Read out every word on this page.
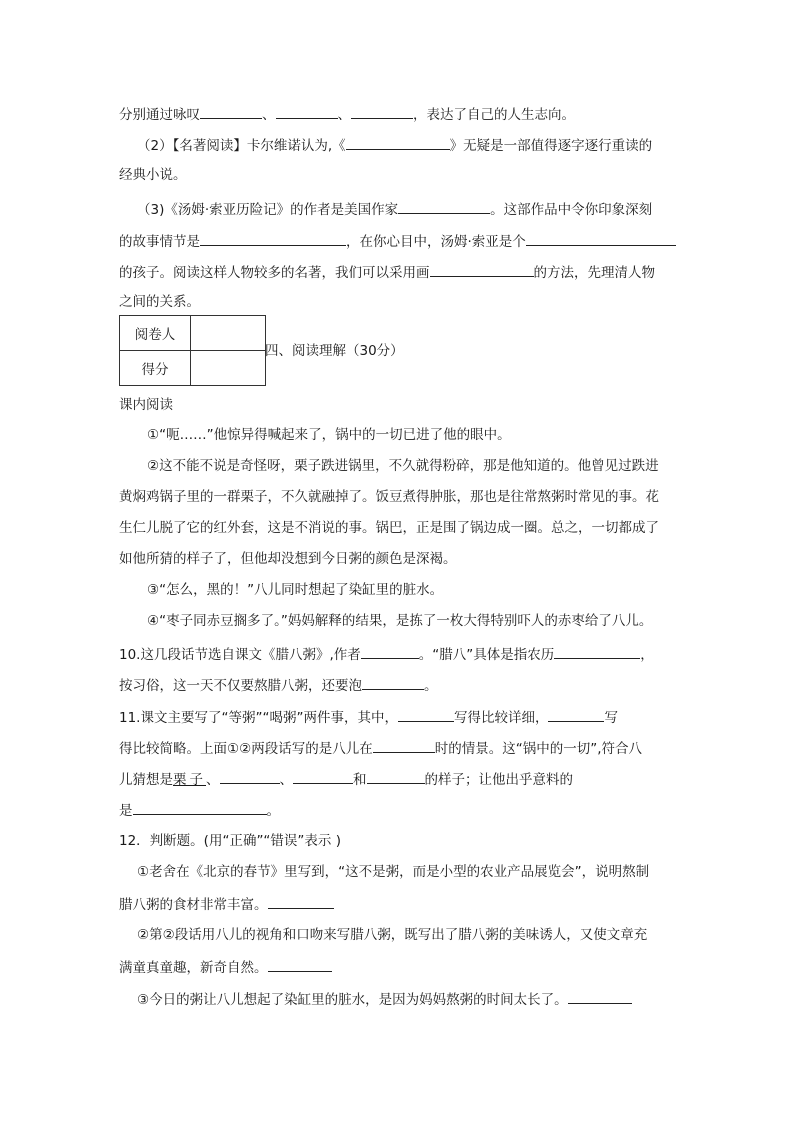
分别通过咏叹	、	、	，表达了自己的人生志向。
（2）【名著阅读】卡尔维诺认为,《	》无疑是一部值得逐字逐行重读的
经典小说。
（3)《汤姆·索亚历险记》的作者是美国作家	。这部作品中令你印象深刻
的故事情节是	，在你心目中，汤姆·索亚是个
的孩子。阅读这样人物较多的名著，我们可以采用画	的方法，先理清人物
之间的关系。
阅卷人	
得分	
四、阅读理解（30分）
课内阅读
①“呃……”他惊异得喊起来了，锅中的一切已进了他的眼中。
②这不能不说是奇怪呀，栗子跌进锅里，不久就得粉碎，那是他知道的。他曾见过跌进
黄焖鸡锅子里的一群栗子，不久就融掉了。饭豆煮得肿胀，那也是往常熬粥时常见的事。花
生仁儿脱了它的红外套，这是不消说的事。锅巴，正是围了锅边成一圈。总之，一切都成了
如他所猜的样子了，但他却没想到今日粥的颜色是深褐。
③“怎么，黑的！”八儿同时想起了染缸里的脏水。
④“枣子同赤豆搁多了。”妈妈解释的结果，是拣了一枚大得特别吓人的赤枣给了八儿。
10.这几段话节选自课文《腊八粥》,作者	。“腊八”具体是指农历	，
按习俗，这一天不仅要熬腊八粥，还要泡	。
11.课文主要写了“等粥”“喝粥”两件事，其中，	写得比较详细，	写
得比较简略。上面①②两段话写的是八儿在	时的情景。这“锅中的一切”,符合八
儿猜想是栗子、	、	和	的样子；让他出乎意料的
是	。
12．判断题。(用“正确”“错误”表示 )
①老舍在《北京的春节》里写到，“这不是粥，而是小型的农业产品展览会”，说明熬制
腊八粥的食材非常丰富。
②第②段话用八儿的视角和口吻来写腊八粥，既写出了腊八粥的美味诱人，又使文章充
满童真童趣，新奇自然。
③今日的粥让八儿想起了染缸里的脏水，是因为妈妈熬粥的时间太长了。
